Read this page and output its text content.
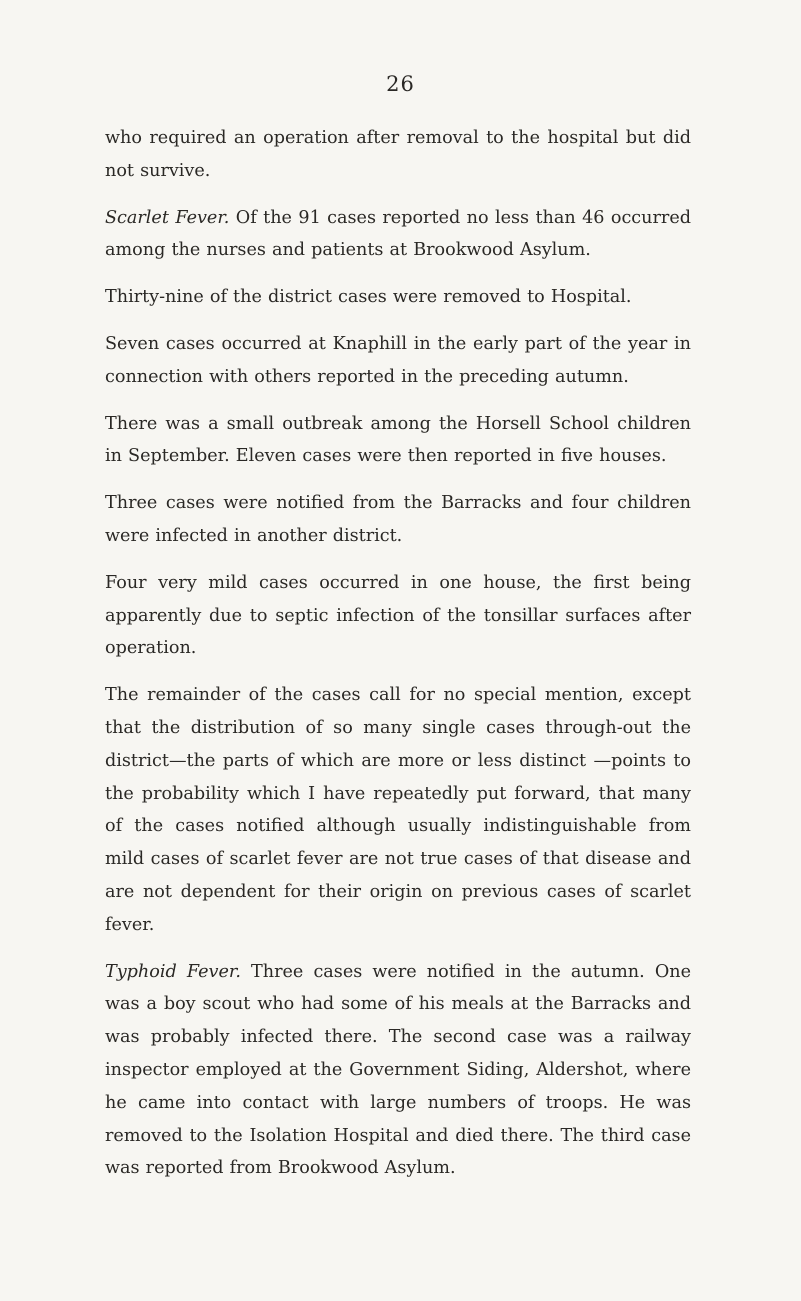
26

who required an operation after removal to the hospital but did not survive.

Scarlet Fever. Of the 91 cases reported no less than 46 occurred among the nurses and patients at Brookwood Asylum.

Thirty-nine of the district cases were removed to Hospital.

Seven cases occurred at Knaphill in the early part of the year in connection with others reported in the preceding autumn.

There was a small outbreak among the Horsell School children in September. Eleven cases were then reported in five houses.

Three cases were notified from the Barracks and four children were infected in another district.

Four very mild cases occurred in one house, the first being apparently due to septic infection of the tonsillar surfaces after operation.

The remainder of the cases call for no special mention, except that the distribution of so many single cases through-out the district—the parts of which are more or less distinct —points to the probability which I have repeatedly put forward, that many of the cases notified although usually indistinguishable from mild cases of scarlet fever are not true cases of that disease and are not dependent for their origin on previous cases of scarlet fever.

Typhoid Fever. Three cases were notified in the autumn. One was a boy scout who had some of his meals at the Barracks and was probably infected there. The second case was a railway inspector employed at the Government Siding, Aldershot, where he came into contact with large numbers of troops. He was removed to the Isolation Hospital and died there. The third case was reported from Brookwood Asylum.
